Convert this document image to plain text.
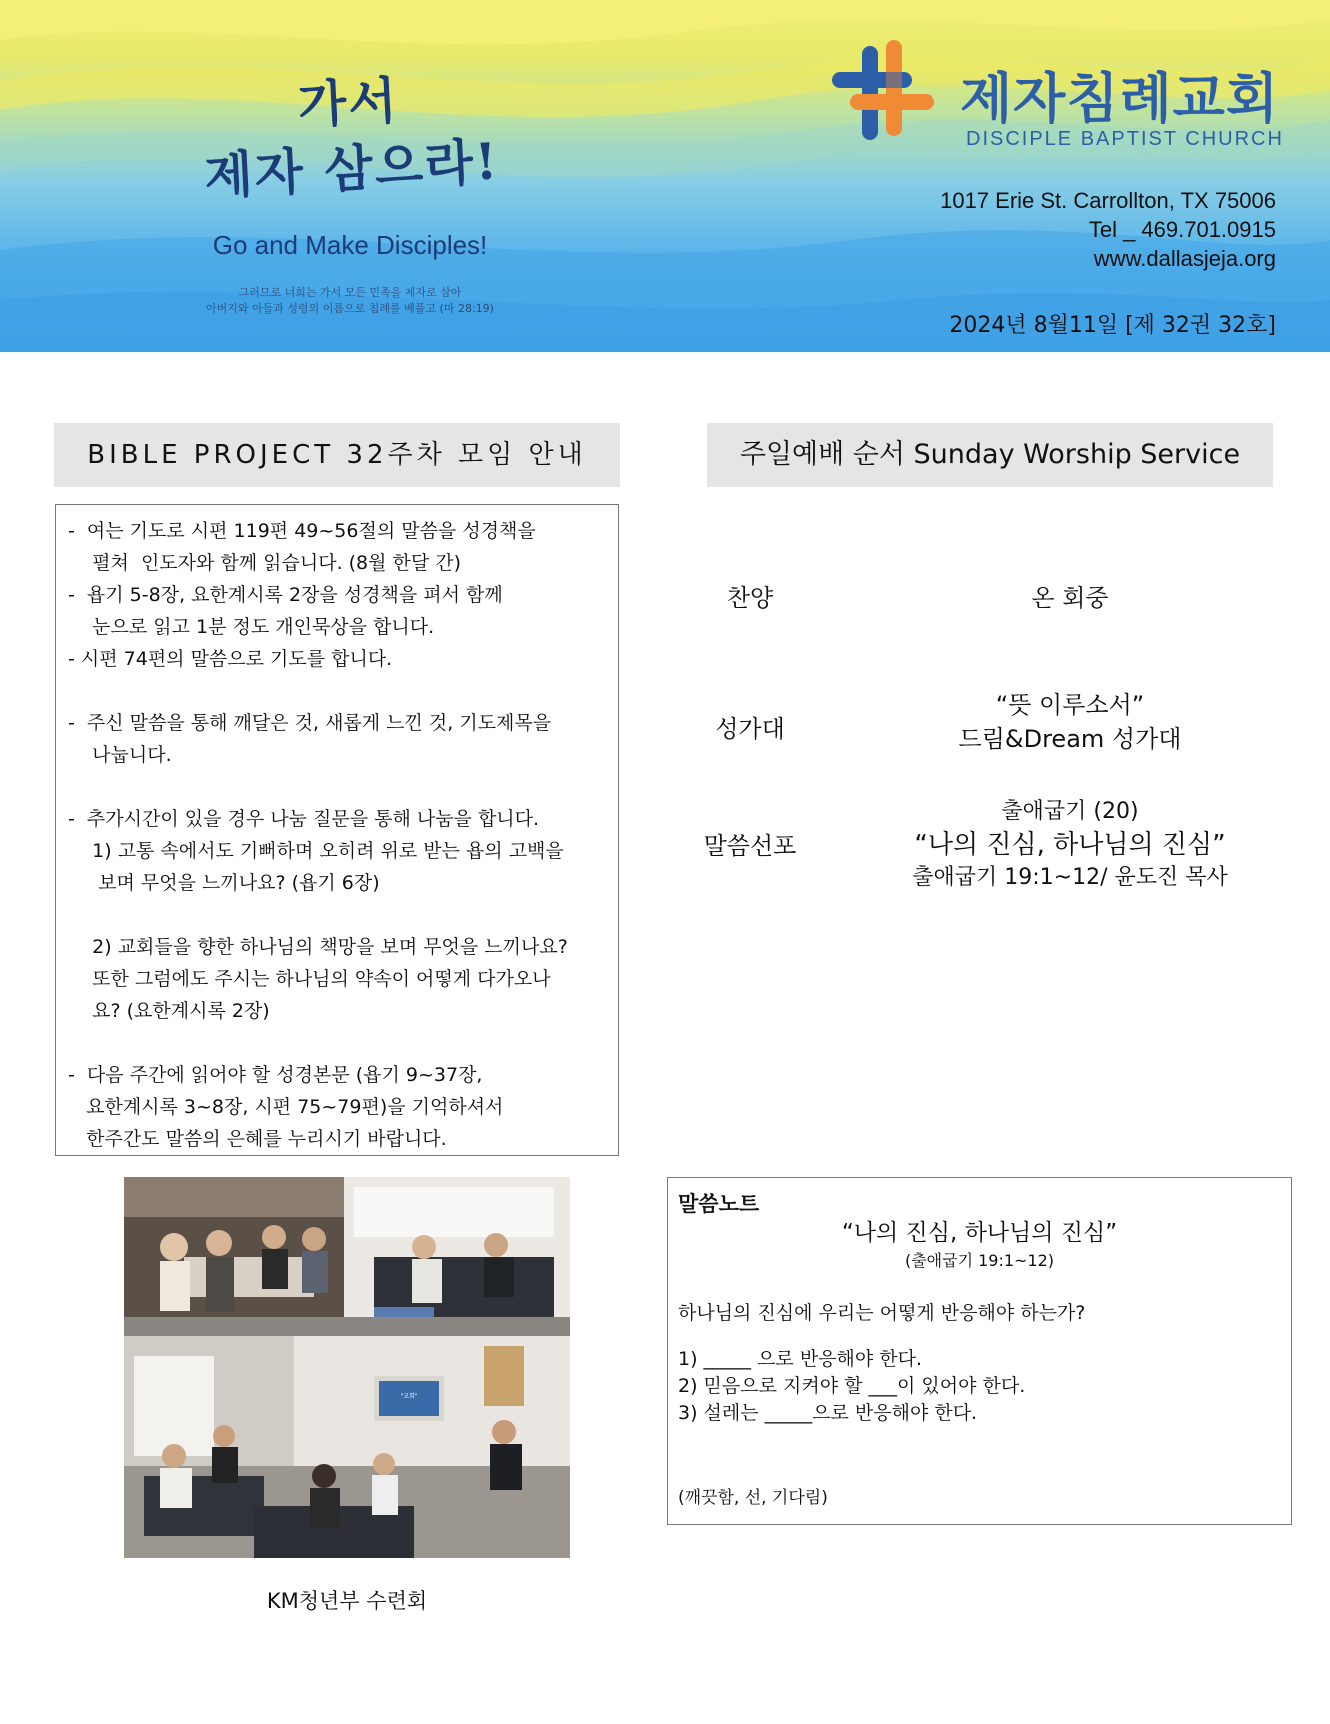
가서
제자 삼으라!
Go and Make Disciples!
그러므로 너희는 가서 모든 민족을 제자로 삼아
아버지와 아들과 성령의 이름으로 침례를 베풀고 (마 28:19)
제자침례교회
DISCIPLE BAPTIST CHURCH
1017 Erie St. Carrollton, TX 75006
Tel _ 469.701.0915
www.dallasjeja.org
2024년 8월11일 [제 32권 32호]
BIBLE PROJECT 32주차 모임 안내	주일예배 순서 Sunday Worship Service
-  여는 기도로 시편 119편 49~56절의 말씀을 성경책을
펼쳐  인도자와 함께 읽습니다. (8월 한달 간)
-  욥기 5-8장, 요한계시록 2장을 성경책을 펴서 함께
눈으로 읽고 1분 정도 개인묵상을 합니다.
- 시편 74편의 말씀으로 기도를 합니다.
-  주신 말씀을 통해 깨달은 것, 새롭게 느낀 것, 기도제목을
나눕니다.
-  추가시간이 있을 경우 나눔 질문을 통해 나눔을 합니다.
1) 고통 속에서도 기뻐하며 오히려 위로 받는 욥의 고백을
보며 무엇을 느끼나요? (욥기 6장)
2) 교회들을 향한 하나님의 책망을 보며 무엇을 느끼나요?
또한 그럼에도 주시는 하나님의 약속이 어떻게 다가오나
요? (요한계시록 2장)
-  다음 주간에 읽어야 할 성경본문 (욥기 9~37장,
요한계시록 3~8장, 시편 75~79편)을 기억하셔서
한주간도 말씀의 은혜를 누리시기 바랍니다.
찬양	온 회중
성가대
“뜻 이루소서”
드림&Dream 성가대
말씀선포
출애굽기 (20)
“나의 진심, 하나님의 진심”
출애굽기 19:1~12/ 윤도진 목사
"교회"
KM청년부 수련회
말씀노트
“나의 진심, 하나님의 진심”
(출애굽기 19:1~12)
하나님의 진심에 우리는 어떻게 반응해야 하는가?
1) _____ 으로 반응해야 한다.
2) 믿음으로 지켜야 할 ___이 있어야 한다.
3) 설레는 _____으로 반응해야 한다.
(깨끗함, 선, 기다림)
